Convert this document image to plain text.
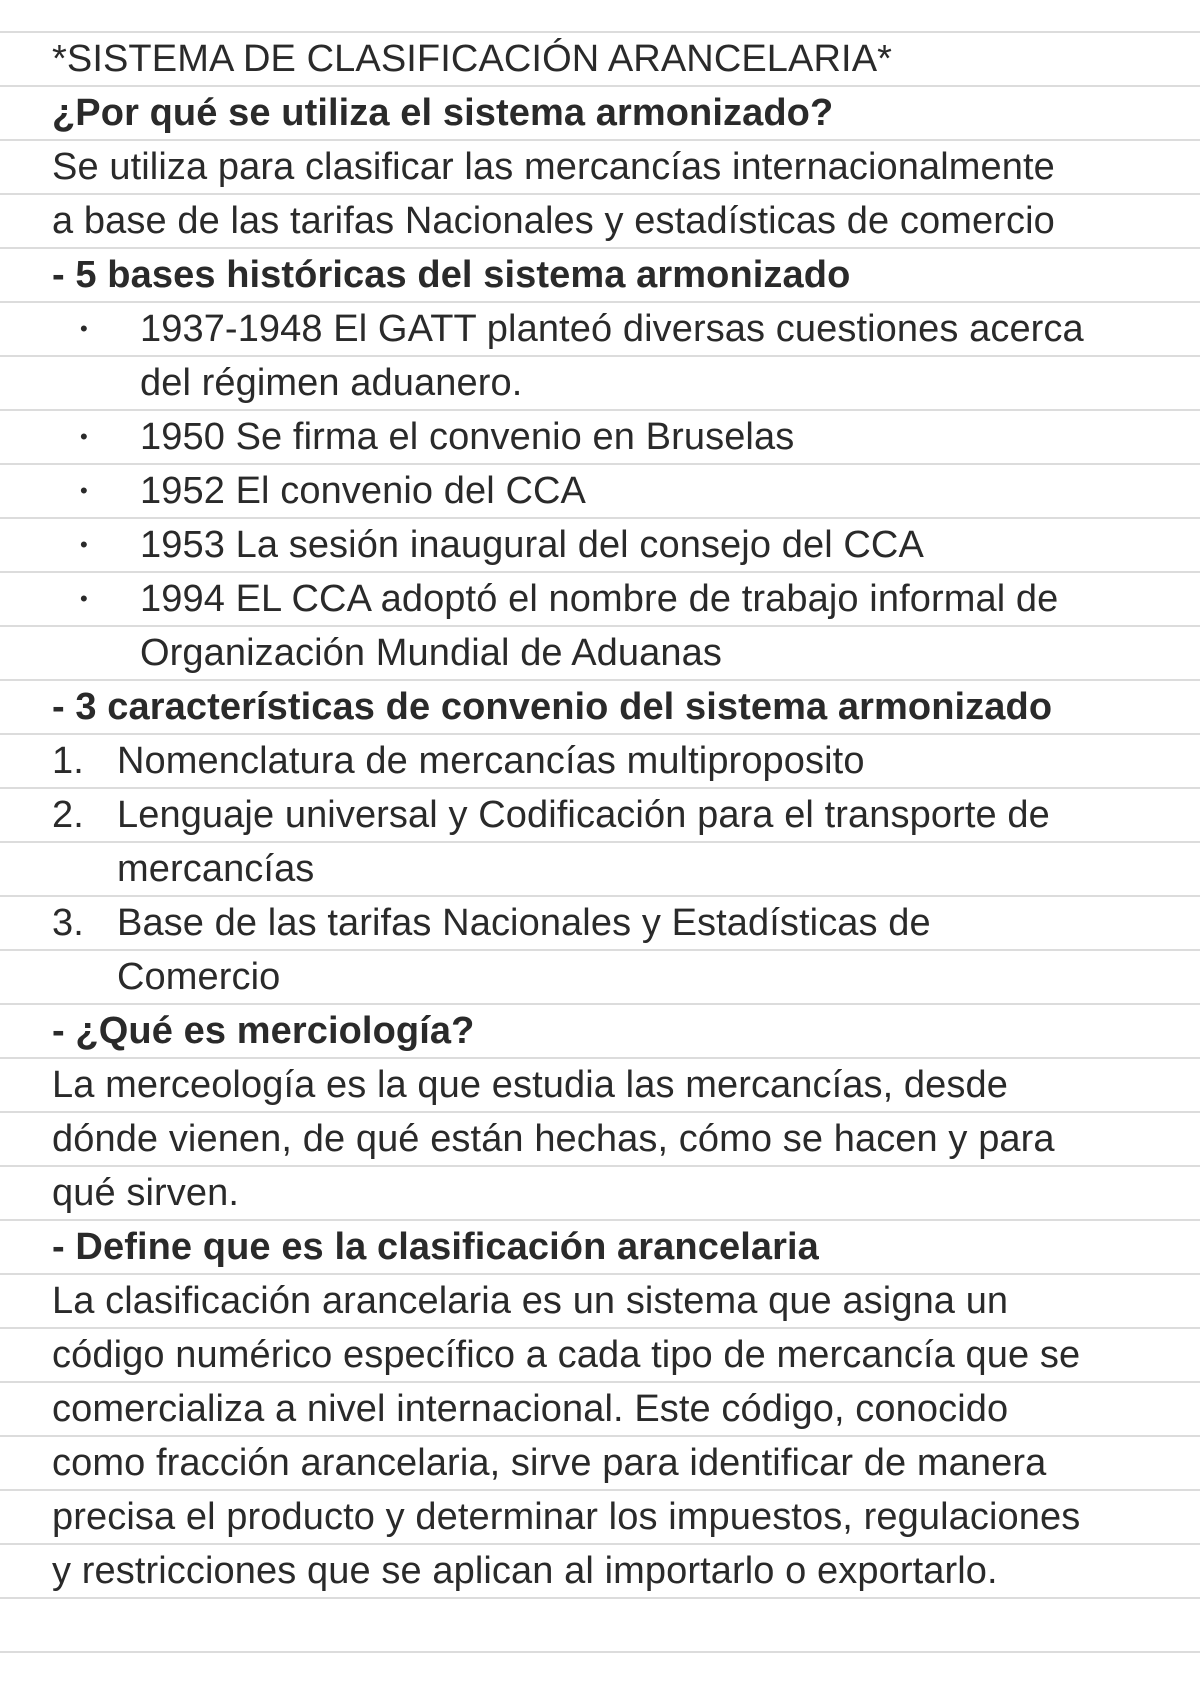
*SISTEMA DE CLASIFICACIÓN ARANCELARIA*
¿Por qué se utiliza el sistema armonizado?
Se utiliza para clasificar las mercancías internacionalmente
a base de las tarifas Nacionales y estadísticas de comercio
- 5 bases históricas del sistema armonizado
• 1937-1948 El GATT planteó diversas cuestiones acerca
del régimen aduanero.
• 1950 Se firma el convenio en Bruselas
• 1952 El convenio del CCA
• 1953 La sesión inaugural del consejo del CCA
• 1994 EL CCA adoptó el nombre de trabajo informal de
Organización Mundial de Aduanas
- 3 características de convenio del sistema armonizado
1. Nomenclatura de mercancías multiproposito
2. Lenguaje universal y Codificación para el transporte de
mercancías
3. Base de las tarifas Nacionales y Estadísticas de
Comercio
- ¿Qué es merciología?
La merceología es la que estudia las mercancías, desde
dónde vienen, de qué están hechas, cómo se hacen y para
qué sirven.
- Define que es la clasificación arancelaria
La clasificación arancelaria es un sistema que asigna un
código numérico específico a cada tipo de mercancía que se
comercializa a nivel internacional. Este código, conocido
como fracción arancelaria, sirve para identificar de manera
precisa el producto y determinar los impuestos, regulaciones
y restricciones que se aplican al importarlo o exportarlo.
